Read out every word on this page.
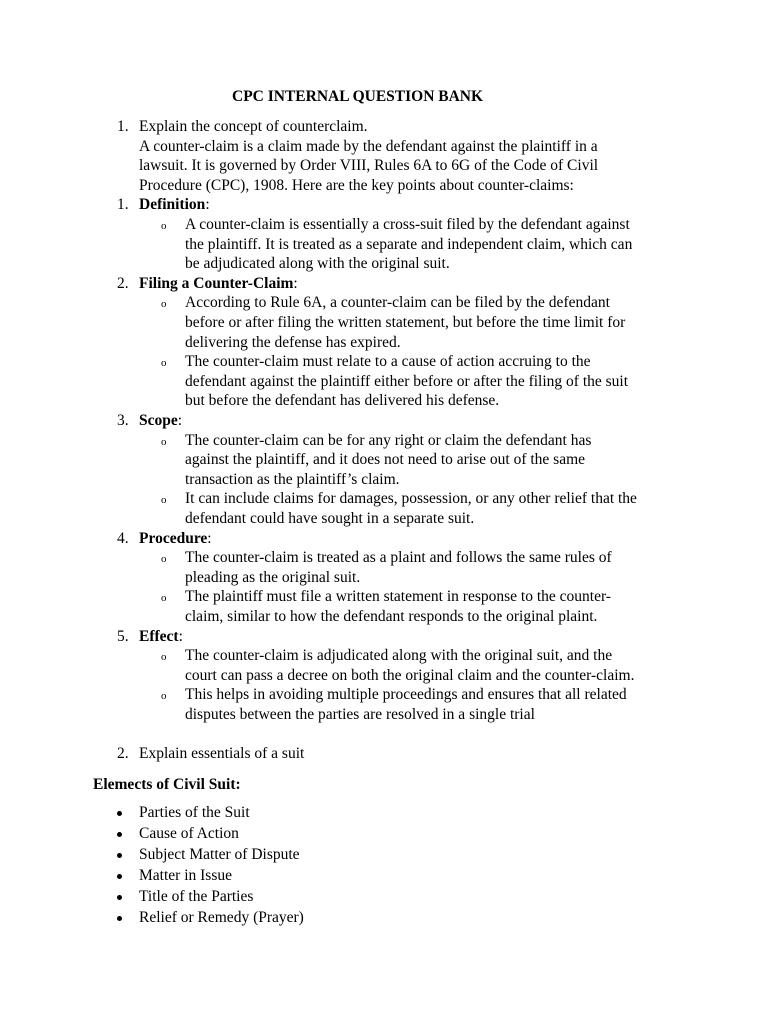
CPC INTERNAL QUESTION BANK
1. Explain the concept of counterclaim.
A counter-claim is a claim made by the defendant against the plaintiff in a
lawsuit. It is governed by Order VIII, Rules 6A to 6G of the Code of Civil
Procedure (CPC), 1908. Here are the key points about counter-claims:
1. Definition:
o A counter-claim is essentially a cross-suit filed by the defendant against
the plaintiff. It is treated as a separate and independent claim, which can
be adjudicated along with the original suit.
2. Filing a Counter-Claim:
o According to Rule 6A, a counter-claim can be filed by the defendant
before or after filing the written statement, but before the time limit for
delivering the defense has expired.
o The counter-claim must relate to a cause of action accruing to the
defendant against the plaintiff either before or after the filing of the suit
but before the defendant has delivered his defense.
3. Scope:
o The counter-claim can be for any right or claim the defendant has
against the plaintiff, and it does not need to arise out of the same
transaction as the plaintiff’s claim.
o It can include claims for damages, possession, or any other relief that the
defendant could have sought in a separate suit.
4. Procedure:
o The counter-claim is treated as a plaint and follows the same rules of
pleading as the original suit.
o The plaintiff must file a written statement in response to the counter-
claim, similar to how the defendant responds to the original plaint.
5. Effect:
o The counter-claim is adjudicated along with the original suit, and the
court can pass a decree on both the original claim and the counter-claim.
o This helps in avoiding multiple proceedings and ensures that all related
disputes between the parties are resolved in a single trial
2. Explain essentials of a suit
Elemects of Civil Suit:
Parties of the Suit
Cause of Action
Subject Matter of Dispute
Matter in Issue
Title of the Parties
Relief or Remedy (Prayer)
